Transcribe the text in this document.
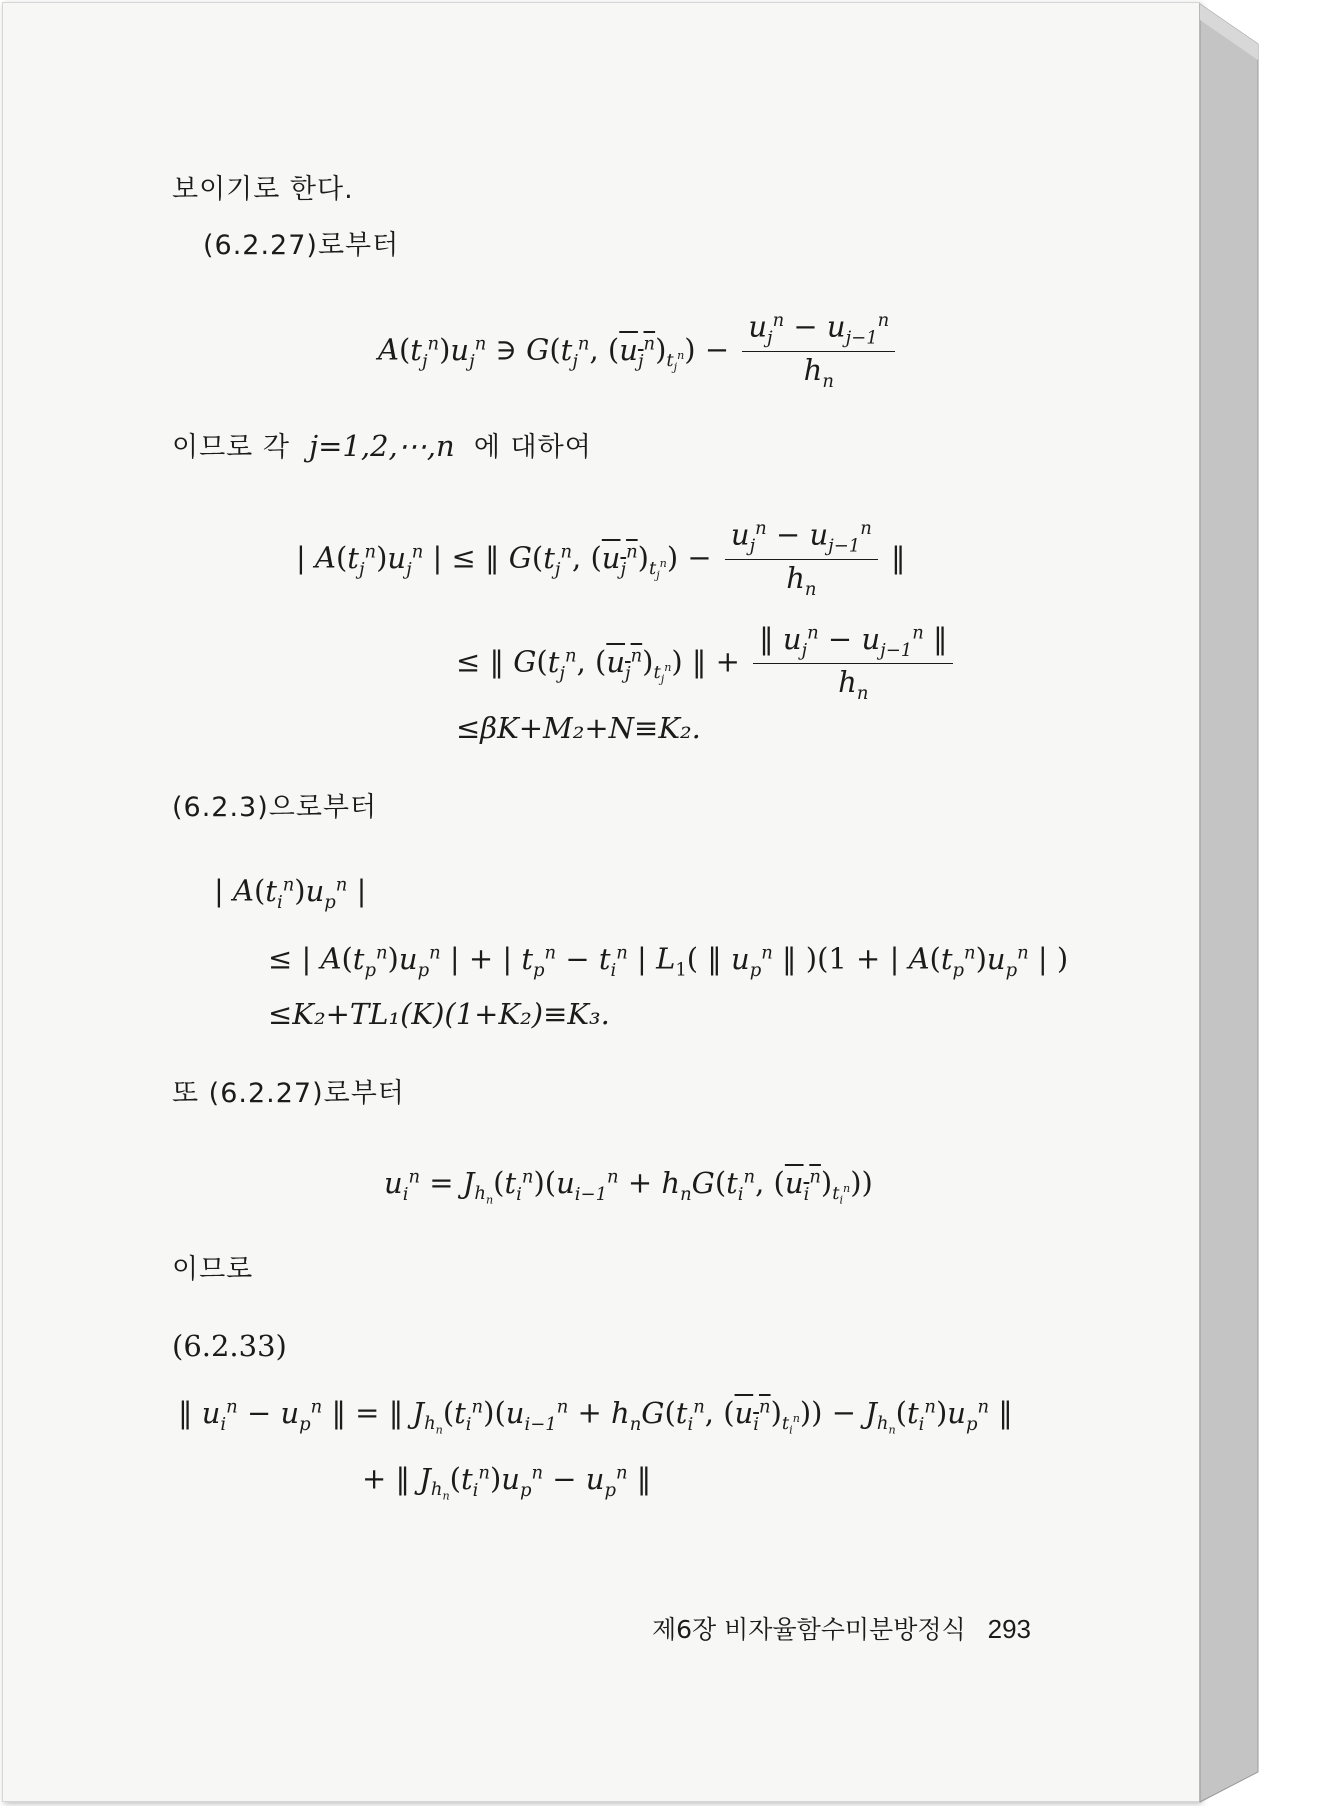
보이기로 한다.
(6.2.27)로부터
$A(t_j^n)u_j^n$ ∋ $G(t_j^n$, $(u_j^n)_{t_j^n}) - \frac{u_j^n - u_{j-1}^n}{h_n}$
이므로 각 j=1,2,⋯,n 에 대하여
| $A(t_j^n)u_j^n$ | ≤ ‖ $G(t_j^n$, $(u_j^n)_{t_j^n}) - \frac{u_j^n - u_{j-1}^n}{h_n}$ ‖
≤ ‖ $G(t_j^n$, $(u_j^n)_{t_j^n}$) ‖ + $\frac{‖ u_j^n - u_{j-1}^n ‖}{h_n}$
≤βK+M₂+N≡K₂.
(6.2.3)으로부터
| $A(t_i^n)u_p^n$ |
≤ | $A(t_p^n)u_p^n$ | + | $t_p^n - t_i^n$ | $L_1$( ‖ $u_p^n$ ‖ )(1 + | $A(t_p^n)u_p^n$ | )
≤K₂+TL₁(K)(1+K₂)≡K₃.
또 (6.2.27)로부터
$u_i^n = J_{h_n}(t_i^n)(u_{i-1}^n + h_nG(t_i^n$, $(u_i^n)_{t_i^n}$))
이므로
(6.2.33)
‖ $u_i^n - u_p^n$ ‖ = ‖ $J_{h_n}(t_i^n)(u_{i-1}^n + h_nG(t_i^n$, $(u_i^n)_{t_i^n})) - J_{h_n}(t_i^n)u_p^n$ ‖
+ ‖ $J_{h_n}(t_i^n)u_p^n - u_p^n$ ‖
제6장 비자율함수미분방정식 293
